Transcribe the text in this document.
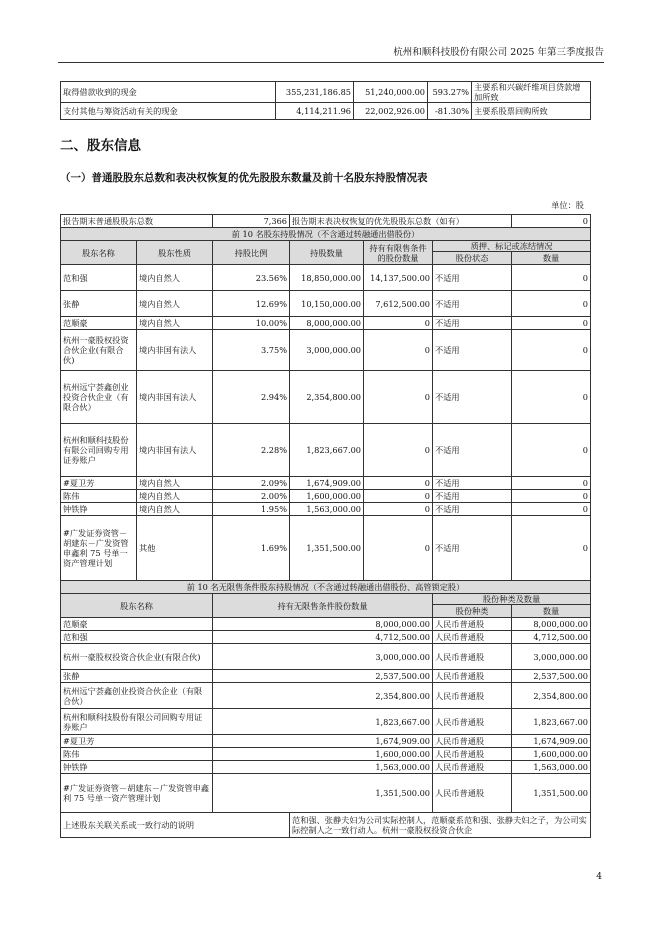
杭州和顺科技股份有限公司 2025 年第三季度报告
取得借款收到的现金	355,231,186.85	51,240,000.00	593.27%	主要系和兴碳纤维项目贷款增加所致
支付其他与筹资活动有关的现金	4,114,211.96	22,002,926.00	-81.30%	主要系股票回购所致
二、股东信息
（一）普通股股东总数和表决权恢复的优先股股东数量及前十名股东持股情况表
单位：股
报告期末普通股股东总数		7,366	报告期末表决权恢复的优先股股东总数（如有）			0
前 10 名股东持股情况（不含通过转融通出借股份）						
股东名称	股东性质	持股比例	持股数量	持有有限售条件的股份数量	质押、标记或冻结情况	
					股份状态	数量
范和强	境内自然人	23.56%	18,850,000.00	14,137,500.00	不适用	0
张静	境内自然人	12.69%	10,150,000.00	7,612,500.00	不适用	0
范顺豪	境内自然人	10.00%	8,000,000.00	0	不适用	0
杭州一豪股权投资合伙企业(有限合伙)	境内非国有法人	3.75%	3,000,000.00	0	不适用	0
杭州远宁荟鑫创业投资合伙企业（有限合伙）	境内非国有法人	2.94%	2,354,800.00	0	不适用	0
杭州和顺科技股份有限公司回购专用证券账户	境内非国有法人	2.28%	1,823,667.00	0	不适用	0
#夏卫芳	境内自然人	2.09%	1,674,909.00	0	不适用	0
陈伟	境内自然人	2.00%	1,600,000.00	0	不适用	0
钟铁铮	境内自然人	1.95%	1,563,000.00	0	不适用	0
#广发证券资管－胡建东－广发资管申鑫利 75 号单一资产管理计划	其他	1.69%	1,351,500.00	0	不适用	0
前 10 名无限售条件股东持股情况（不含通过转融通出借股份、高管锁定股）						
股东名称		持有无限售条件股份数量			股份种类及数量	
					股份种类	数量
范顺豪		8,000,000.00			人民币普通股	8,000,000.00
范和强		4,712,500.00			人民币普通股	4,712,500.00
杭州一豪股权投资合伙企业(有限合伙)		3,000,000.00			人民币普通股	3,000,000.00
张静		2,537,500.00			人民币普通股	2,537,500.00
杭州远宁荟鑫创业投资合伙企业（有限合伙）		2,354,800.00			人民币普通股	2,354,800.00
杭州和顺科技股份有限公司回购专用证券账户		1,823,667.00			人民币普通股	1,823,667.00
#夏卫芳		1,674,909.00			人民币普通股	1,674,909.00
陈伟		1,600,000.00			人民币普通股	1,600,000.00
钟铁铮		1,563,000.00			人民币普通股	1,563,000.00
#广发证券资管－胡建东－广发资管申鑫利 75 号单一资产管理计划		1,351,500.00			人民币普通股	1,351,500.00
上述股东关联关系或一致行动的说明			范和强、张静夫妇为公司实际控制人，范顺豪系范和强、张静夫妇之子，为公司实际控制人之一致行动人。杭州一豪股权投资合伙企			
4
